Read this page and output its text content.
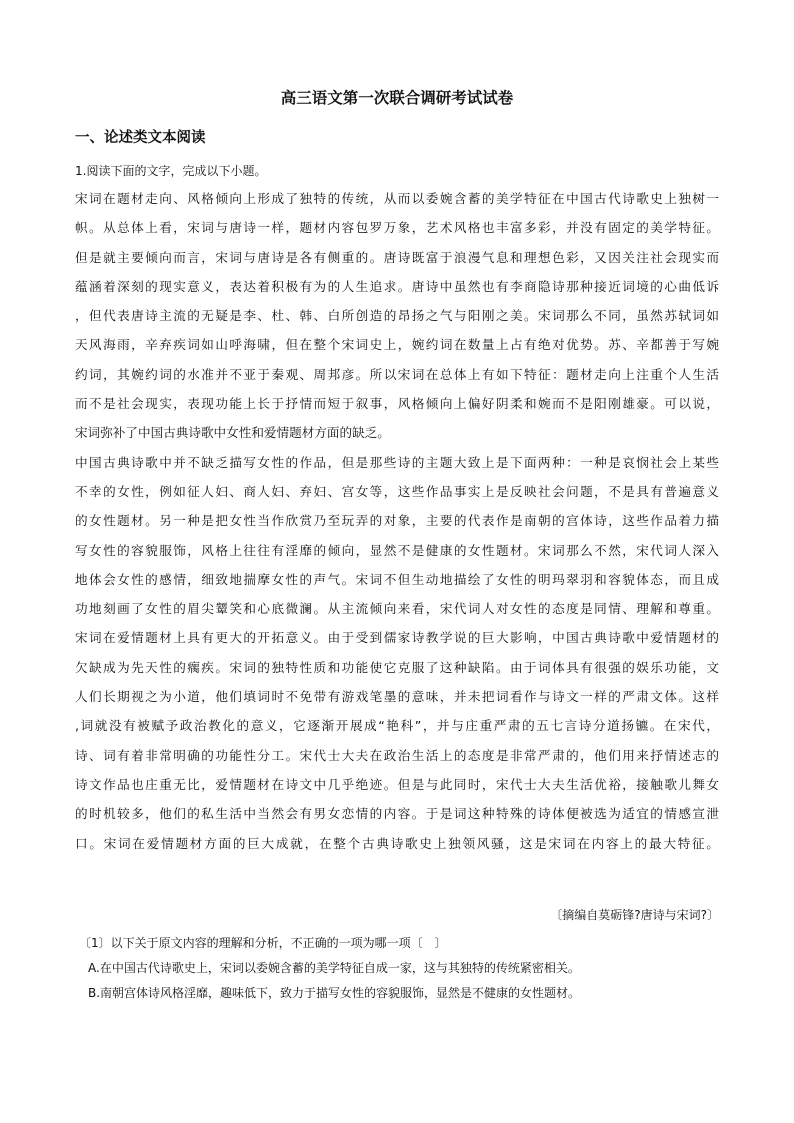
高三语文第一次联合调研考试试卷
一、论述类文本阅读
1.阅读下面的文字，完成以下小题。
宋词在题材走向、风格倾向上形成了独特的传统，从而以委婉含蓄的美学特征在中国古代诗歌史上独树一
帜。从总体上看，宋词与唐诗一样，题材内容包罗万象，艺术风格也丰富多彩，并没有固定的美学特征。
但是就主要倾向而言，宋词与唐诗是各有侧重的。唐诗既富于浪漫气息和理想色彩，又因关注社会现实而
蕴涵着深刻的现实意义，表达着积极有为的人生追求。唐诗中虽然也有李商隐诗那种接近词境的心曲低诉
，但代表唐诗主流的无疑是李、杜、韩、白所创造的昂扬之气与阳刚之美。宋词那么不同，虽然苏轼词如
天风海雨，辛弃疾词如山呼海啸，但在整个宋词史上，婉约词在数量上占有绝对优势。苏、辛都善于写婉
约词，其婉约词的水准并不亚于秦观、周邦彦。所以宋词在总体上有如下特征：题材走向上注重个人生活
而不是社会现实，表现功能上长于抒情而短于叙事，风格倾向上偏好阴柔和婉而不是阳刚雄豪。可以说，
宋词弥补了中国古典诗歌中女性和爱情题材方面的缺乏。
中国古典诗歌中并不缺乏描写女性的作品，但是那些诗的主题大致上是下面两种：一种是哀悯社会上某些
不幸的女性，例如征人妇、商人妇、弃妇、宫女等，这些作品事实上是反映社会问题，不是具有普遍意义
的女性题材。另一种是把女性当作欣赏乃至玩弄的对象，主要的代表作是南朝的宫体诗，这些作品着力描
写女性的容貌服饰，风格上往往有淫靡的倾向，显然不是健康的女性题材。宋词那么不然，宋代词人深入
地体会女性的感情，细致地揣摩女性的声气。宋词不但生动地描绘了女性的明玛翠羽和容貌体态，而且成
功地刻画了女性的眉尖颦笑和心底微澜。从主流倾向来看，宋代词人对女性的态度是同情、理解和尊重。
宋词在爱情题材上具有更大的开拓意义。由于受到儒家诗教学说的巨大影响，中国古典诗歌中爱情题材的
欠缺成为先天性的瘸疾。宋词的独特性质和功能使它克服了这种缺陷。由于词体具有很强的娱乐功能，文
人们长期视之为小道，他们填词时不免带有游戏笔墨的意味，并未把词看作与诗文一样的严肃文体。这样
,词就没有被赋予政治教化的意义，它逐渐开展成“艳科”，并与庄重严肃的五七言诗分道扬镳。在宋代，
诗、词有着非常明确的功能性分工。宋代士大夫在政治生活上的态度是非常严肃的，他们用来抒情述志的
诗文作品也庄重无比，爱情题材在诗文中几乎绝迹。但是与此同时，宋代士大夫生活优裕，接触歌儿舞女
的时机较多，他们的私生活中当然会有男女恋情的内容。于是词这种特殊的诗体便被选为适宜的情感宣泄
口。宋词在爱情题材方面的巨大成就，在整个古典诗歌史上独领风骚，这是宋词在内容上的最大特征。
〔摘编自莫砺锋?唐诗与宋词?〕
〔1〕以下关于原文内容的理解和分析，不正确的一项为哪一项〔　〕
A.在中国古代诗歌史上，宋词以委婉含蓄的美学特征自成一家，这与其独特的传统紧密相关。
B.南朝宫体诗风格淫靡，趣味低下，致力于描写女性的容貌服饰，显然是不健康的女性题材。
